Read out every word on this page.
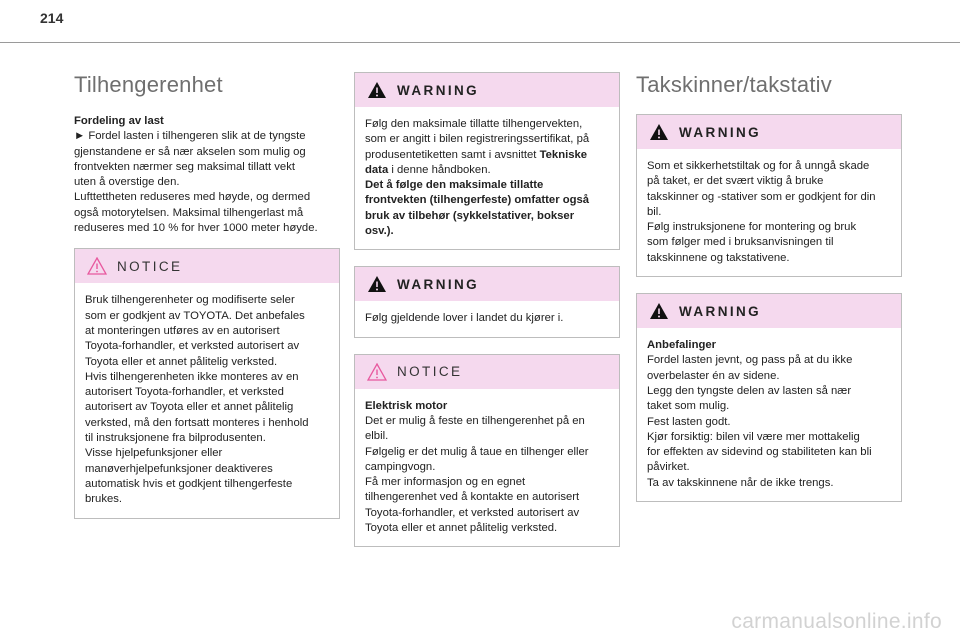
214
Tilhengerenhet

Fordeling av last
► Fordel lasten i tilhengeren slik at de tyngste
gjenstandene er så nær akselen som mulig og
frontvekten nærmer seg maksimal tillatt vekt
uten å overstige den.
Lufttettheten reduseres med høyde, og dermed
også motorytelsen. Maksimal tilhengerlast må
reduseres med 10 % for hver 1000 meter høyde.

NOTICE

Bruk tilhengerenheter og modifiserte seler
som er godkjent av TOYOTA. Det anbefales
at monteringen utføres av en autorisert
Toyota-forhandler, et verksted autorisert av
Toyota eller et annet pålitelig verksted.
Hvis tilhengerenheten ikke monteres av en
autorisert Toyota-forhandler, et verksted
autorisert av Toyota eller et annet pålitelig
verksted, må den fortsatt monteres i henhold
til instruksjonene fra bilprodusenten.
Visse hjelpefunksjoner eller
manøverhjelpefunksjoner deaktiveres
automatisk hvis et godkjent tilhengerfeste
brukes.

WARNING

Følg den maksimale tillatte tilhengervekten,
som er angitt i bilen registreringssertifikat, på
produsentetiketten samt i avsnittet Tekniske
data i denne håndboken.
Det å følge den maksimale tillatte
frontvekten (tilhengerfeste) omfatter også
bruk av tilbehør (sykkelstativer, bokser
osv.).

WARNING

Følg gjeldende lover i landet du kjører i.

NOTICE

Elektrisk motor
Det er mulig å feste en tilhengerenhet på en
elbil.
Følgelig er det mulig å taue en tilhenger eller
campingvogn.
Få mer informasjon og en egnet
tilhengerenhet ved å kontakte en autorisert
Toyota-forhandler, et verksted autorisert av
Toyota eller et annet pålitelig verksted.

Takskinner/takstativ
WARNING

Som et sikkerhetstiltak og for å unngå skade
på taket, er det svært viktig å bruke
takskinner og -stativer som er godkjent for din
bil.
Følg instruksjonene for montering og bruk
som følger med i bruksanvisningen til
takskinnene og takstativene.

WARNING

Anbefalinger
Fordel lasten jevnt, og pass på at du ikke
overbelaster én av sidene.
Legg den tyngste delen av lasten så nær
taket som mulig.
Fest lasten godt.
Kjør forsiktig: bilen vil være mer mottakelig
for effekten av sidevind og stabiliteten kan bli
påvirket.
Ta av takskinnene når de ikke trengs.

carmanualsonline.info
